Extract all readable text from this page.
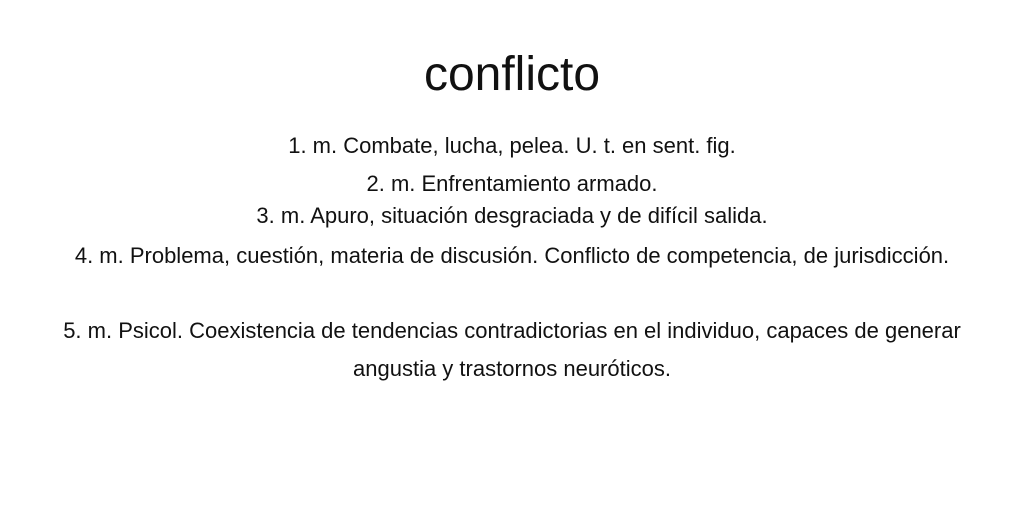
conflicto

1. m. Combate, lucha, pelea. U. t. en sent. fig.

2. m. Enfrentamiento armado.

3. m. Apuro, situación desgraciada y de difícil salida.

4. m. Problema, cuestión, materia de discusión. Conflicto de competencia, de jurisdicción.

5. m. Psicol. Coexistencia de tendencias contradictorias en el individuo, capaces de generar angustia y trastornos neuróticos.
